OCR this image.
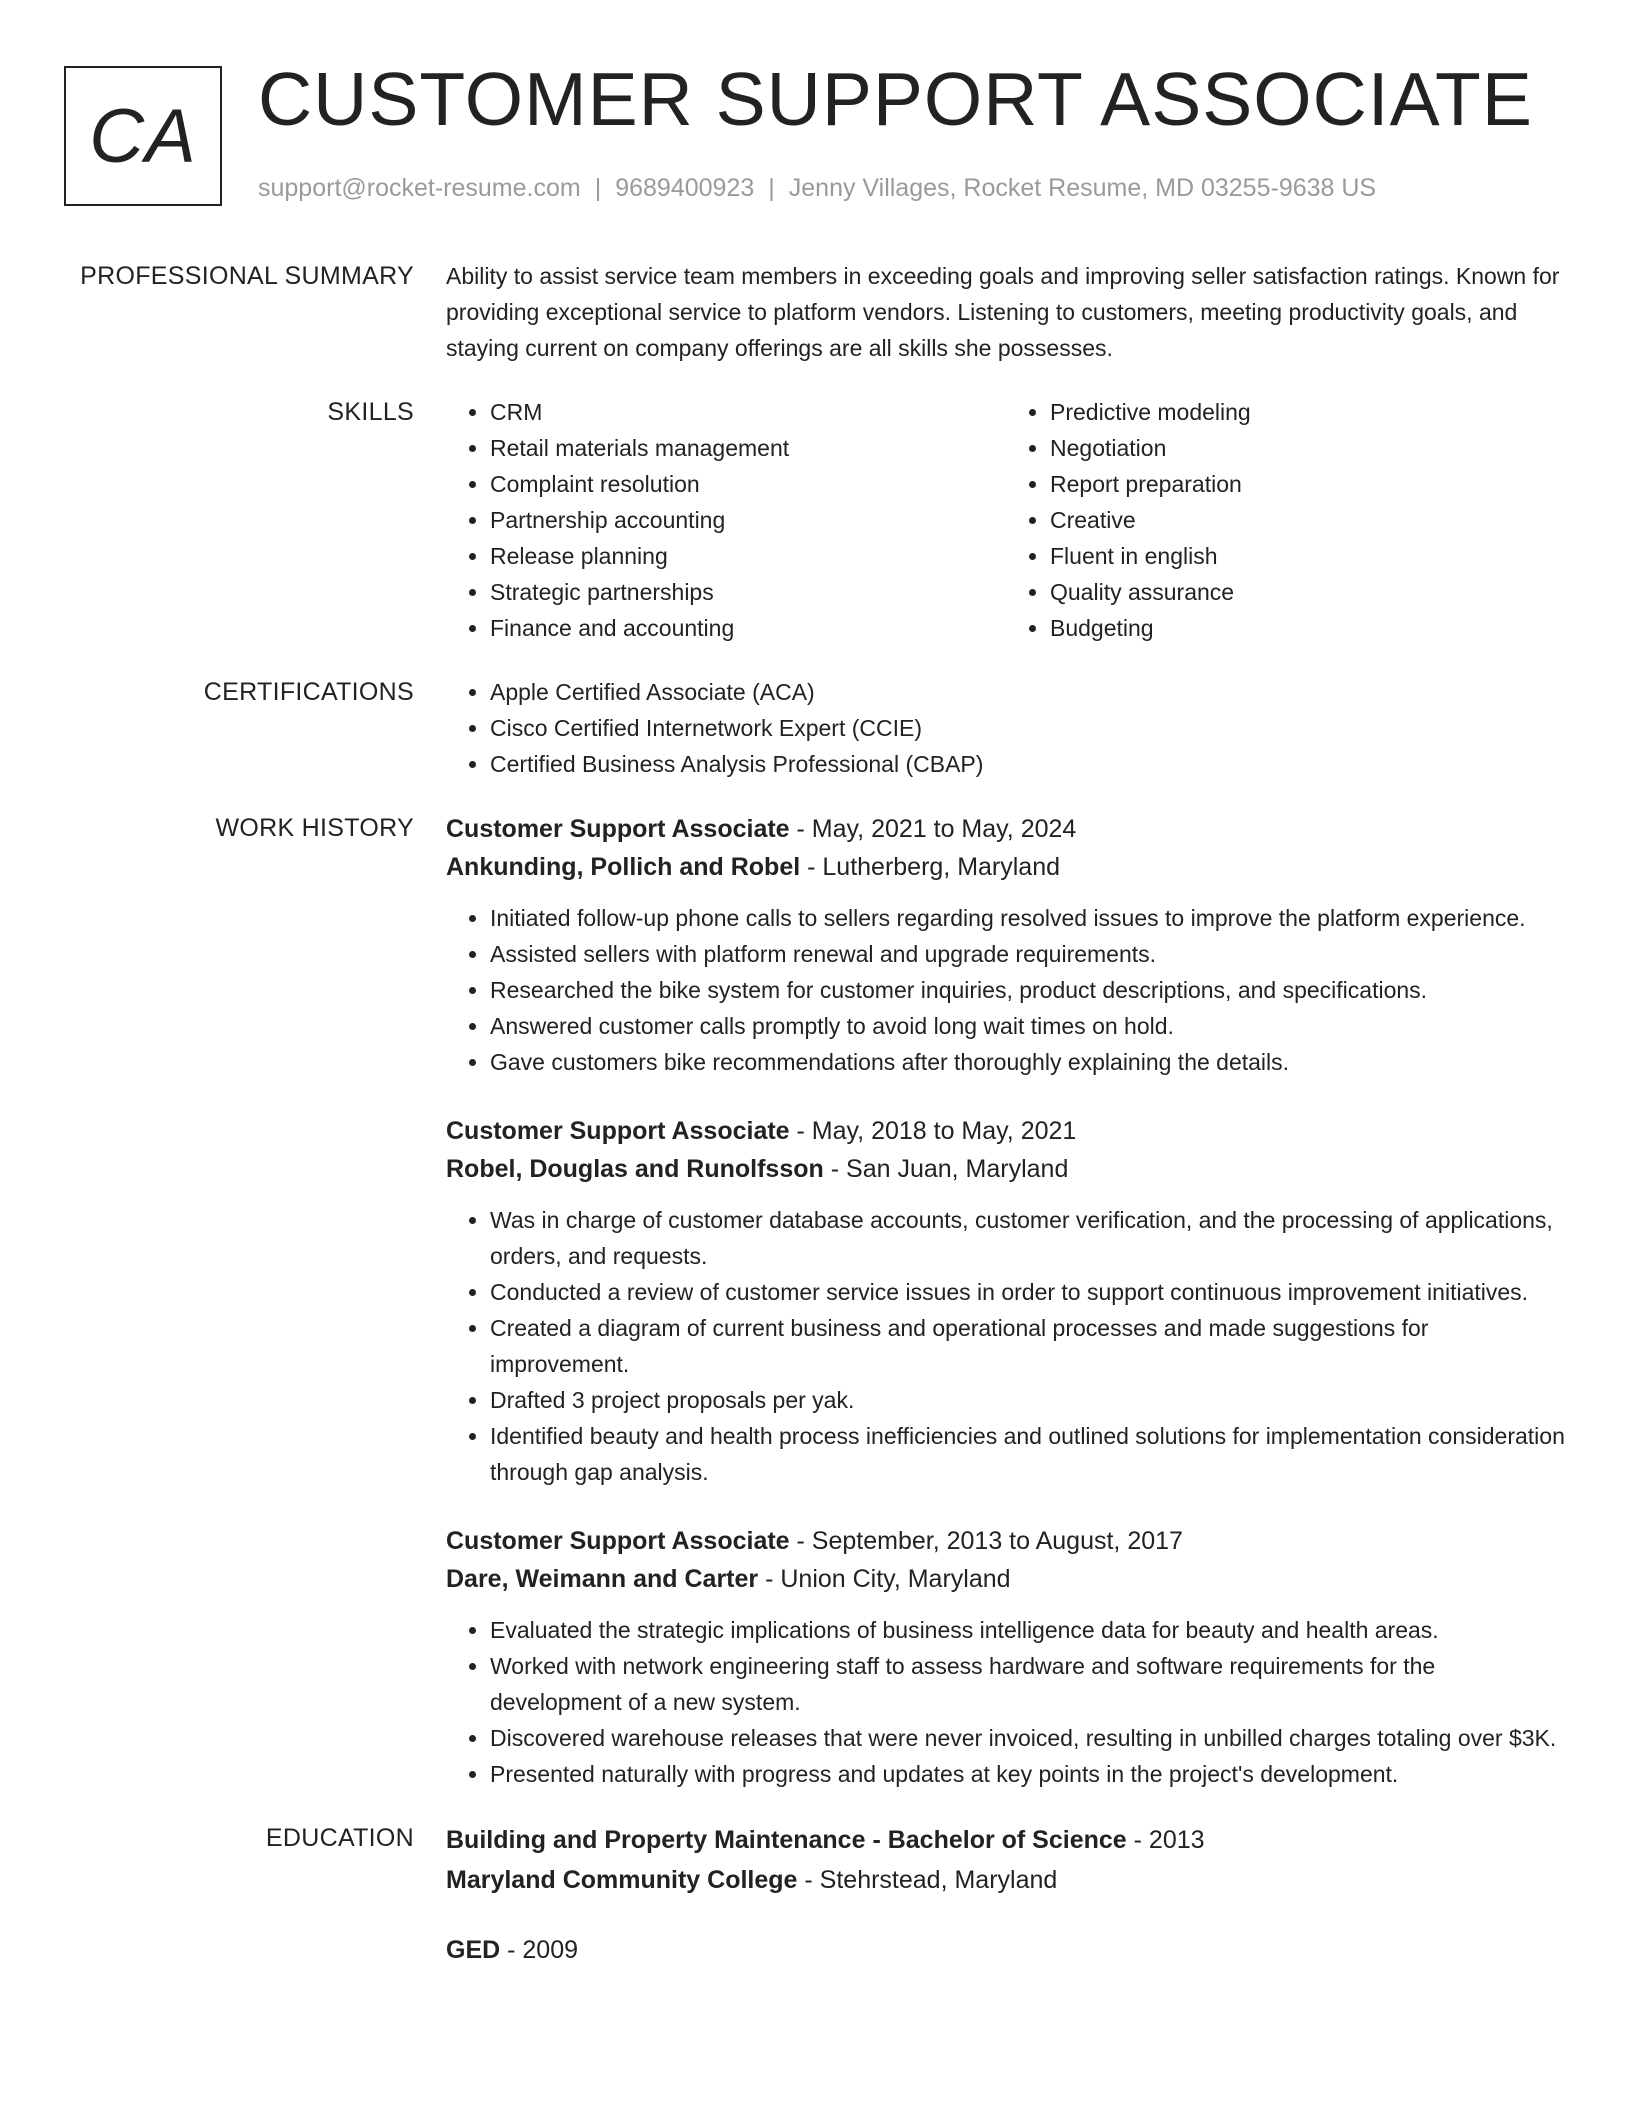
CA CUSTOMER SUPPORT ASSOCIATE
support@rocket-resume.com | 9689400923 | Jenny Villages, Rocket Resume, MD 03255-9638 US
PROFESSIONAL SUMMARY Ability to assist service team members in exceeding goals and improving seller satisfaction ratings. Known for providing exceptional service to platform vendors. Listening to customers, meeting productivity goals, and staying current on company offerings are all skills she possesses.
SKILLS	• CRM
• Retail materials management
• Complaint resolution
• Partnership accounting
• Release planning
• Strategic partnerships
• Finance and accounting
• Predictive modeling
• Negotiation
• Report preparation
• Creative
• Fluent in english
• Quality assurance
• Budgeting
CERTIFICATIONS	• Apple Certified Associate (ACA)
• Cisco Certified Internetwork Expert (CCIE)
• Certified Business Analysis Professional (CBAP)
WORK HISTORY Customer Support Associate - May, 2021 to May, 2024
Ankunding, Pollich and Robel - Lutherberg, Maryland
• Initiated follow-up phone calls to sellers regarding resolved issues to improve the platform experience.
• Assisted sellers with platform renewal and upgrade requirements.
• Researched the bike system for customer inquiries, product descriptions, and specifications.
• Answered customer calls promptly to avoid long wait times on hold.
• Gave customers bike recommendations after thoroughly explaining the details.
Customer Support Associate - May, 2018 to May, 2021
Robel, Douglas and Runolfsson - San Juan, Maryland
• Was in charge of customer database accounts, customer verification, and the processing of applications, orders, and requests.
• Conducted a review of customer service issues in order to support continuous improvement initiatives.
• Created a diagram of current business and operational processes and made suggestions for improvement.
• Drafted 3 project proposals per yak.
• Identified beauty and health process inefficiencies and outlined solutions for implementation consideration through gap analysis.
Customer Support Associate - September, 2013 to August, 2017
Dare, Weimann and Carter - Union City, Maryland
• Evaluated the strategic implications of business intelligence data for beauty and health areas.
• Worked with network engineering staff to assess hardware and software requirements for the development of a new system.
• Discovered warehouse releases that were never invoiced, resulting in unbilled charges totaling over $3K.
• Presented naturally with progress and updates at key points in the project's development.
EDUCATION Building and Property Maintenance - Bachelor of Science - 2013
Maryland Community College - Stehrstead, Maryland
GED - 2009
